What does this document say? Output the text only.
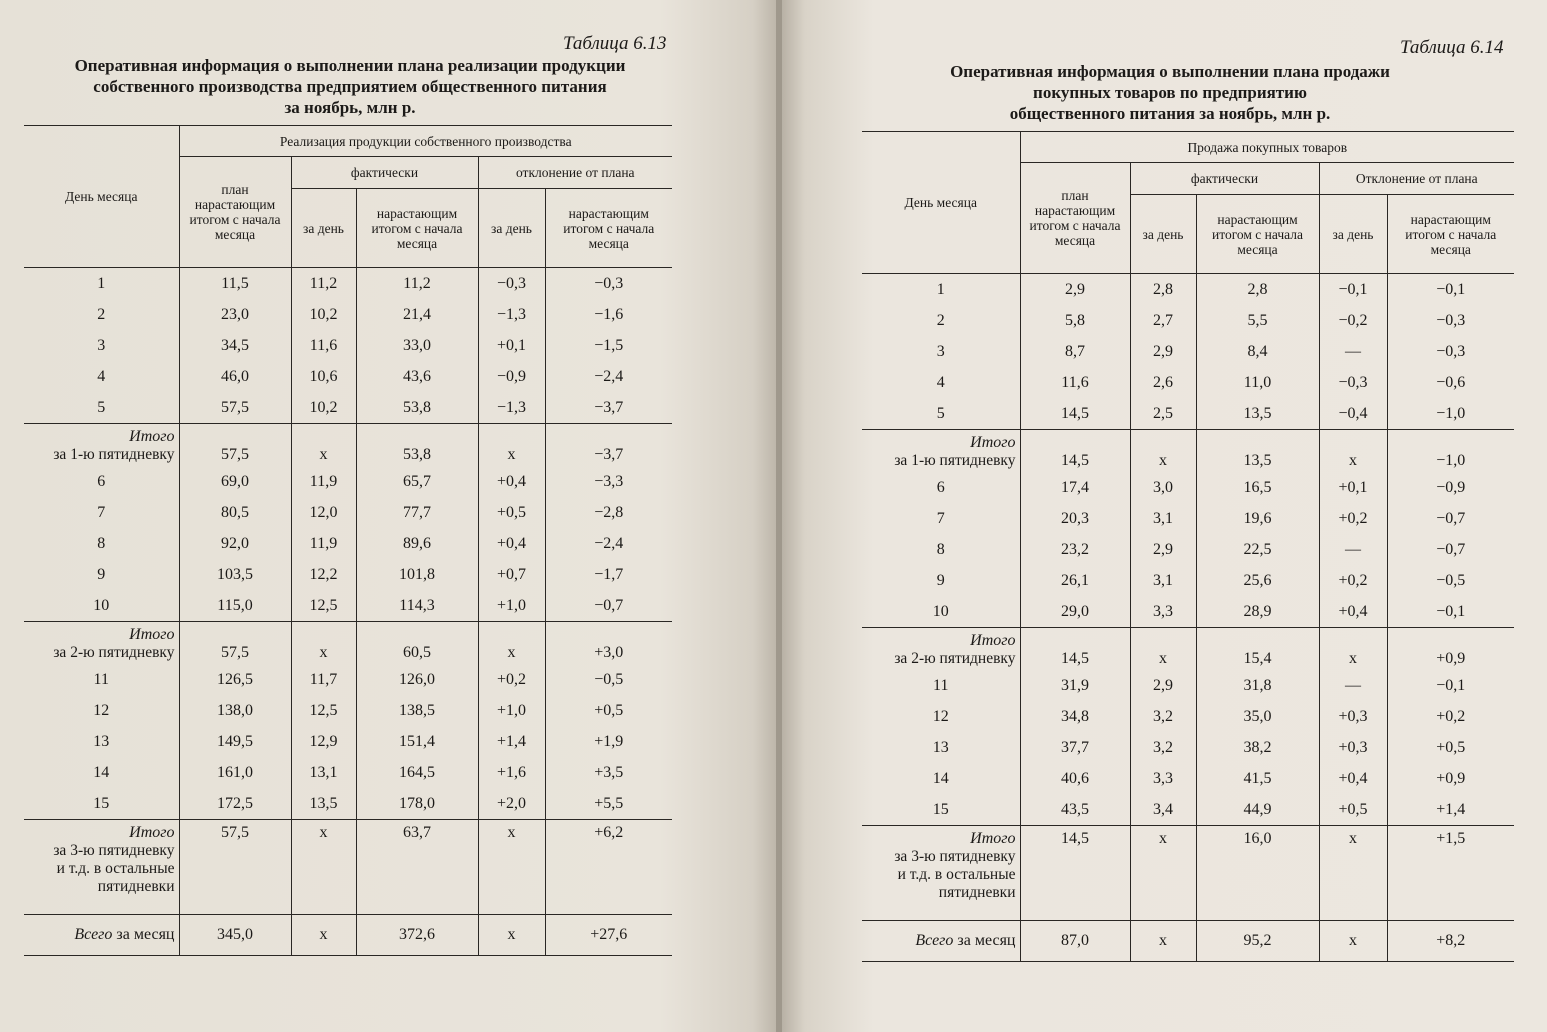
Таблица 6.13
Оперативная информация о выполнении плана реализации продукции
собственного производства предприятием общественного питания
за ноябрь, млн р.
День месяца	Реализация продукции собственного производства				
	план нарастающим итогом с начала месяца	фактически		отклонение от плана	
		за день	нарастающим итогом с начала месяца	за день	нарастающим итогом с начала месяца
1	11,5	11,2	11,2	−0,3	−0,3
2	23,0	10,2	21,4	−1,3	−1,6
3	34,5	11,6	33,0	+0,1	−1,5
4	46,0	10,6	43,6	−0,9	−2,4
5	57,5	10,2	53,8	−1,3	−3,7

Итого
за 1-ю пятидневку	57,5	x	53,8	x	−3,7
6	69,0	11,9	65,7	+0,4	−3,3
7	80,5	12,0	77,7	+0,5	−2,8
8	92,0	11,9	89,6	+0,4	−2,4
9	103,5	12,2	101,8	+0,7	−1,7
10	115,0	12,5	114,3	+1,0	−0,7

Итого
за 2-ю пятидневку	57,5	x	60,5	x	+3,0
11	126,5	11,7	126,0	+0,2	−0,5
12	138,0	12,5	138,5	+1,0	+0,5
13	149,5	12,9	151,4	+1,4	+1,9
14	161,0	13,1	164,5	+1,6	+3,5
15	172,5	13,5	178,0	+2,0	+5,5

Итого
за 3-ю пятидневку
и т.д. в остальные
пятидневки	57,5	x	63,7	x	+6,2
Всего за месяц	345,0	x	372,6	x	+27,6
Таблица 6.14
Оперативная информация о выполнении плана продажи
покупных товаров по предприятию
общественного питания за ноябрь, млн р.
День месяца	Продажа покупных товаров				
	план нарастающим итогом с начала месяца	фактически		Отклонение от плана	
		за день	нарастающим итогом с начала месяца	за день	нарастающим итогом с начала месяца
1	2,9	2,8	2,8	−0,1	−0,1
2	5,8	2,7	5,5	−0,2	−0,3
3	8,7	2,9	8,4	—	−0,3
4	11,6	2,6	11,0	−0,3	−0,6
5	14,5	2,5	13,5	−0,4	−1,0

Итого
за 1-ю пятидневку	14,5	x	13,5	x	−1,0
6	17,4	3,0	16,5	+0,1	−0,9
7	20,3	3,1	19,6	+0,2	−0,7
8	23,2	2,9	22,5	—	−0,7
9	26,1	3,1	25,6	+0,2	−0,5
10	29,0	3,3	28,9	+0,4	−0,1

Итого
за 2-ю пятидневку	14,5	x	15,4	x	+0,9
11	31,9	2,9	31,8	—	−0,1
12	34,8	3,2	35,0	+0,3	+0,2
13	37,7	3,2	38,2	+0,3	+0,5
14	40,6	3,3	41,5	+0,4	+0,9
15	43,5	3,4	44,9	+0,5	+1,4

Итого
за 3-ю пятидневку
и т.д. в остальные
пятидневки	14,5	x	16,0	x	+1,5
Всего за месяц	87,0	x	95,2	x	+8,2
